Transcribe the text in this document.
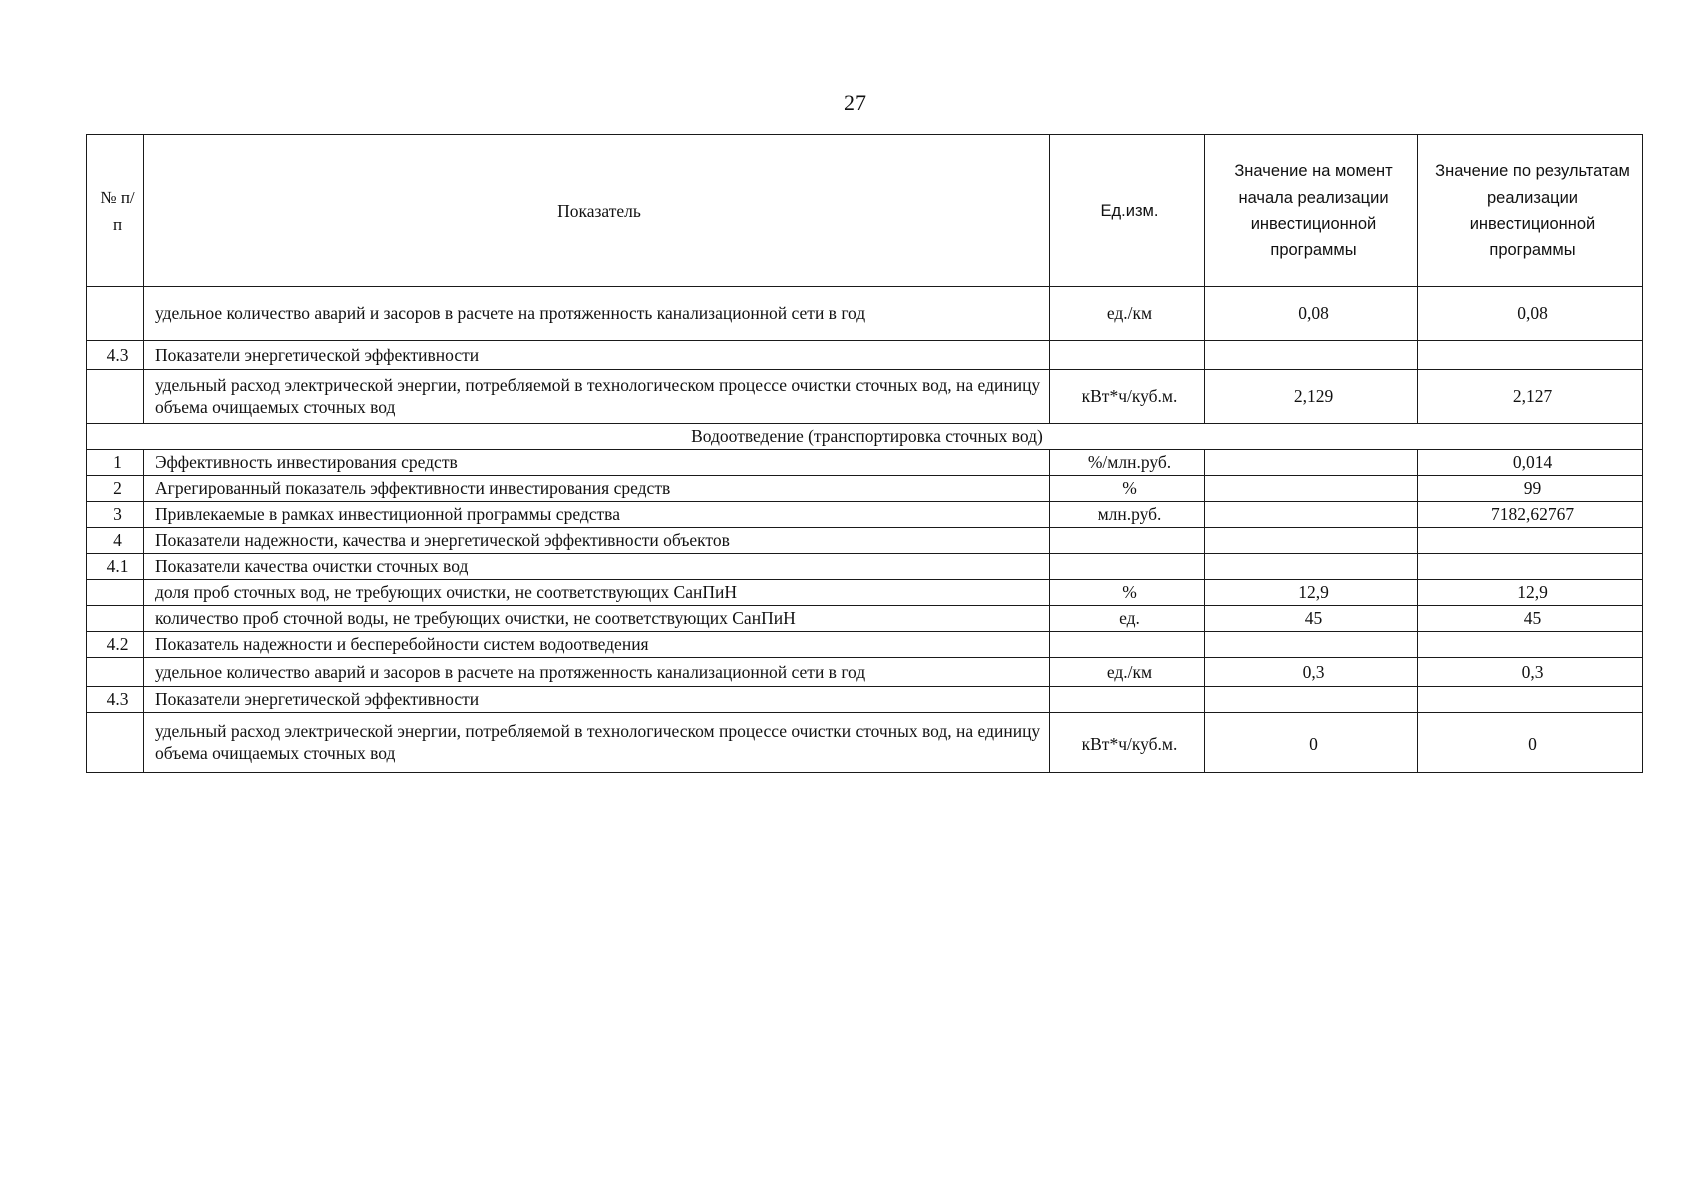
27
№ п/п	Показатель	Ед.изм.	Значение на момент начала реализации инвестиционной программы	Значение по результатам реализации инвестиционной программы
	удельное количество аварий и засоров в расчете на протяженность канализационной сети в год	ед./км	0,08	0,08
4.3	Показатели энергетической эффективности			
	удельный расход электрической энергии, потребляемой в технологическом процессе очистки сточных вод, на единицу объема очищаемых сточных вод	кВт*ч/куб.м.	2,129	2,127
Водоотведение (транспортировка сточных вод)				
1	Эффективность инвестирования средств	%/млн.руб.		0,014
2	Агрегированный показатель эффективности инвестирования средств	%		99
3	Привлекаемые в рамках инвестиционной программы средства	млн.руб.		7182,62767
4	Показатели надежности, качества и энергетической эффективности объектов			
4.1	Показатели качества очистки сточных вод			
	доля проб сточных вод, не требующих очистки, не соответствующих СанПиН	%	12,9	12,9
	количество проб сточной воды, не требующих очистки, не соответствующих СанПиН	ед.	45	45
4.2	Показатель надежности и бесперебойности систем водоотведения			
	удельное количество аварий и засоров в расчете на протяженность канализационной сети в год	ед./км	0,3	0,3
4.3	Показатели энергетической эффективности			
	удельный расход электрической энергии, потребляемой в технологическом процессе очистки сточных вод, на единицу объема очищаемых сточных вод	кВт*ч/куб.м.	0	0
